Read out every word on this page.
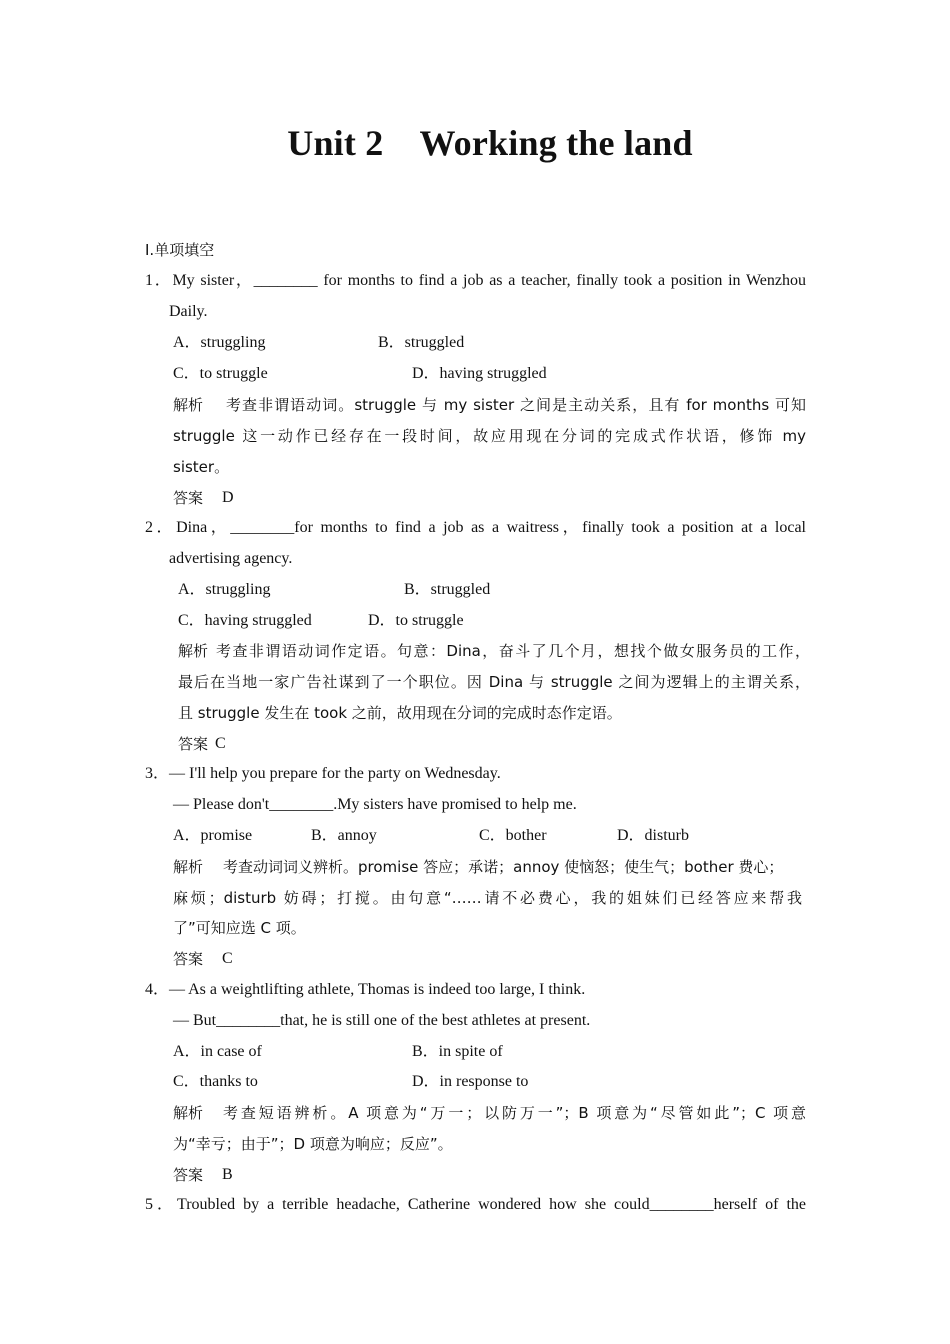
Unit 2 Working the land
Ⅰ.单项填空
1．My sister，________ for months to find a job as a teacher, finally took a position in Wenzhou
Daily.
A．struggling	B．struggled
C．to struggle	D．having struggled
解析 考查非谓语动词。struggle 与 my sister 之间是主动关系，且有 for months 可知
struggle 这一动作已经存在一段时间，故应用现在分词的完成式作状语，修饰 my
sister。
答案 D
2．Dina，________for months to find a job as a waitress，finally took a position at a local
advertising agency.
A．struggling	B．struggled
C．having struggled	D．to struggle
解析 考查非谓语动词作定语。句意：Dina，奋斗了几个月，想找个做女服务员的工作，
最后在当地一家广告社谋到了一个职位。因 Dina 与 struggle 之间为逻辑上的主谓关系，
且 struggle 发生在 took 之前，故用现在分词的完成时态作定语。
答案 C
3．— I'll help you prepare for the party on Wednesday.
— Please don't________.My sisters have promised to help me.
A．promise	B．annoy	C．bother	D．disturb
解析 考查动词词义辨析。promise 答应；承诺；annoy 使恼怒；使生气；bother 费心；
麻烦；disturb 妨碍；打搅。由句意“……请不必费心，我的姐妹们已经答应来帮我
了”可知应选 C 项。
答案 C
4．— As a weightlifting athlete, Thomas is indeed too large, I think.
— But________that, he is still one of the best athletes at present.
A．in case of	B．in spite of
C．thanks to	D．in response to
解析 考查短语辨析。A 项意为“万一；以防万一”；B 项意为“尽管如此”；C 项意
为“幸亏；由于”；D 项意为响应；反应”。
答案 B
5．Troubled by a terrible headache, Catherine wondered how she could________herself of the
